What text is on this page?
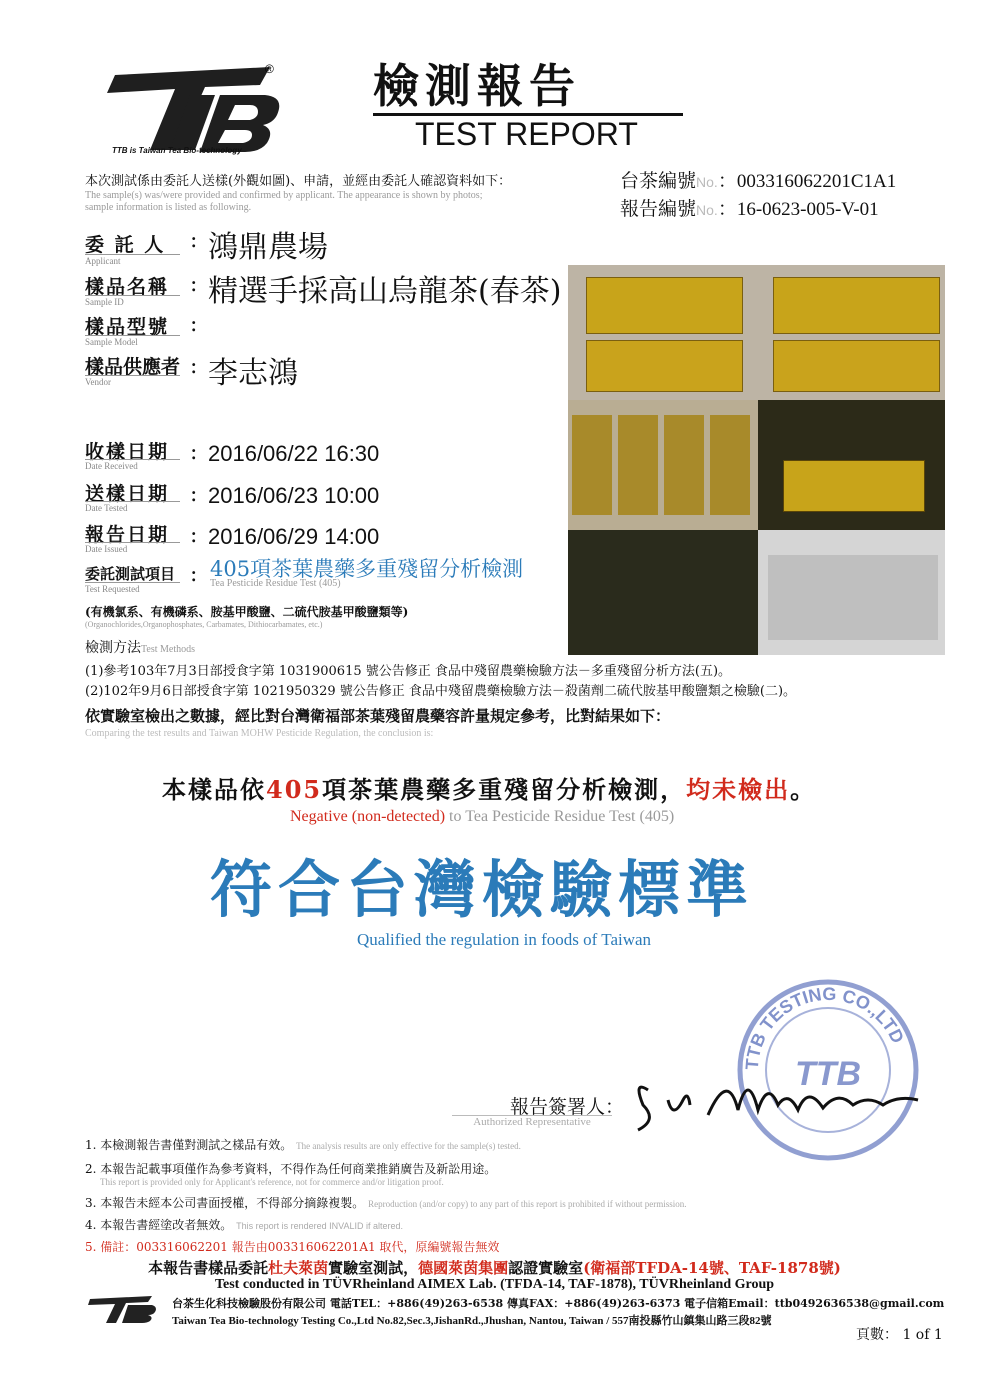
®
TTB is Taiwan Tea Bio-technology
檢測報告
TEST REPORT
本次測試係由委託人送樣(外觀如圖)、申請，並經由委託人確認資料如下：
The sample(s) was/were provided and confirmed by applicant. The appearance is shown by photos;
sample information is listed as following.
台茶編號No.：003316062201C1A1
報告編號No.：16-0623-005-V-01
委 託 人
Applicant
: 鴻鼎農場
樣品名稱
Sample ID
: 精選手採高山烏龍茶(春茶)
樣品型號
Sample Model
:
樣品供應者
Vendor
: 李志鴻
收樣日期
Date Received
: 2016/06/22 16:30
送樣日期
Date Tested
: 2016/06/23 10:00
報告日期
Date Issued
: 2016/06/29 14:00
委託測試項目
Test Requested
: 405項茶葉農藥多重殘留分析檢測
Tea Pesticide Residue Test (405)
(有機氯系、有機磷系、胺基甲酸鹽、二硫代胺基甲酸鹽類等)
(Organochlorides,Organophosphates, Carbamates, Dithiocarbamates, etc.)
檢測方法Test Methods
(1)參考103年7月3日部授食字第 1031900615 號公告修正 食品中殘留農藥檢驗方法－多重殘留分析方法(五)。
(2)102年9月6日部授食字第 1021950329 號公告修正 食品中殘留農藥檢驗方法－殺菌劑二硫代胺基甲酸鹽類之檢驗(二)。
依實驗室檢出之數據，經比對台灣衛福部茶葉殘留農藥容許量規定參考，比對結果如下：
Comparing the test results and Taiwan MOHW Pesticide Regulation, the conclusion is:
本樣品依405項茶葉農藥多重殘留分析檢測，均未檢出。
Negative (non-detected) to Tea Pesticide Residue Test (405)
符合台灣檢驗標準
Qualified the regulation in foods of Taiwan
TTB TESTING CO.,LTD
TTB
報告簽署人：
Authorized Representative
1. 本檢測報告書僅對測試之樣品有效。 The analysis results are only effective for the sample(s) tested.
2. 本報告記載事項僅作為參考資料，不得作為任何商業推銷廣告及新訟用途。
This report is provided only for Applicant's reference, not for commerce and/or litigation proof.
3. 本報告未經本公司書面授權，不得部分摘錄複製。 Reproduction (and/or copy) to any part of this report is prohibited if without permission.
4. 本報告書經塗改者無效。 This report is rendered INVALID if altered.
5. 備註：003316062201 報告由003316062201A1 取代，原編號報告無效
本報告書樣品委託杜夫萊茵實驗室測試，德國萊茵集團認證實驗室(衛福部TFDA-14號、TAF-1878號)
Test conducted in TÜVRheinland AIMEX Lab. (TFDA-14, TAF-1878), TÜVRheinland Group
台茶生化科技檢驗股份有限公司 電話TEL：+886(49)263-6538 傳真FAX：+886(49)263-6373 電子信箱Email：ttb0492636538@gmail.com
Taiwan Tea Bio-technology Testing Co.,Ltd No.82,Sec.3,JishanRd.,Jhushan, Nantou, Taiwan / 557南投縣竹山鎮集山路三段82號
頁數： 1 of 1
